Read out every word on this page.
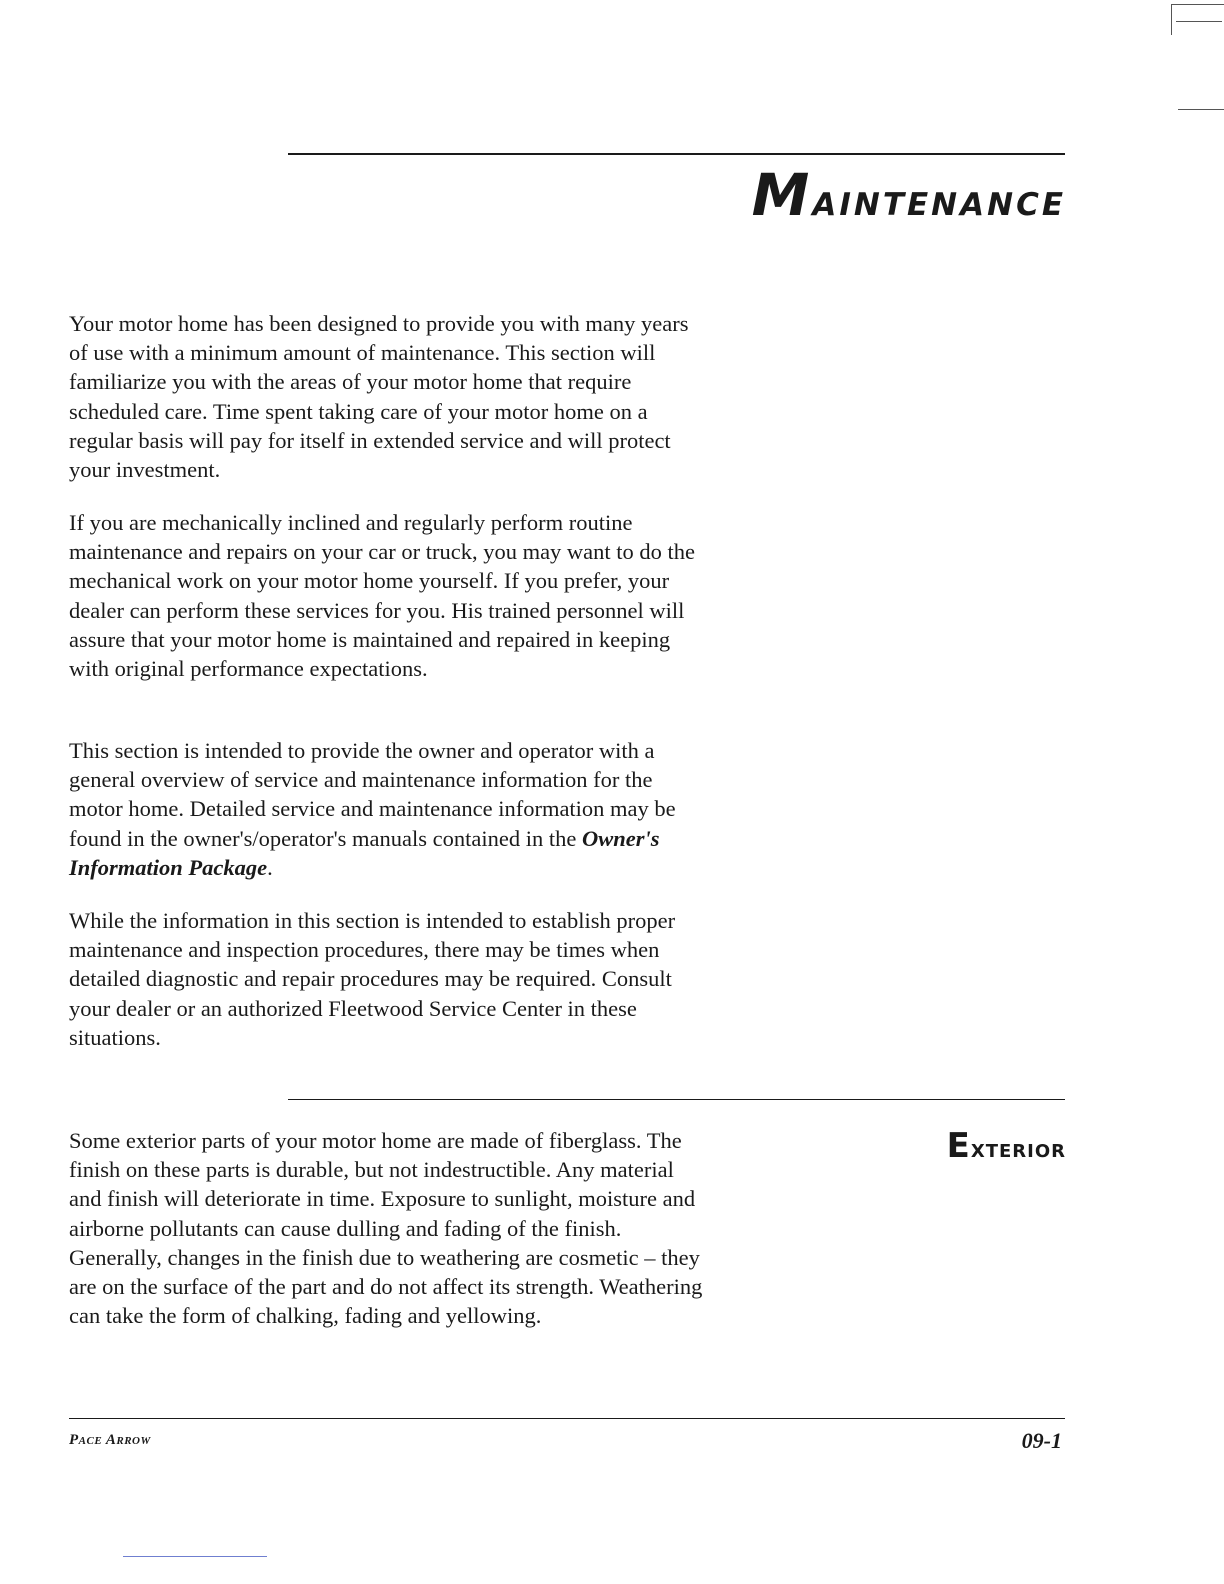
Maintenance

Your motor home has been designed to provide you with many years of use with a minimum amount of maintenance. This section will familiarize you with the areas of your motor home that require scheduled care. Time spent taking care of your motor home on a regular basis will pay for itself in extended service and will protect your investment.

If you are mechanically inclined and regularly perform routine maintenance and repairs on your car or truck, you may want to do the mechanical work on your motor home yourself. If you prefer, your dealer can perform these services for you. His trained personnel will assure that your motor home is maintained and repaired in keeping with original performance expectations.

This section is intended to provide the owner and operator with a general overview of service and maintenance information for the motor home. Detailed service and maintenance information may be found in the owner's/operator's manuals contained in the Owner's Information Package.

While the information in this section is intended to establish proper maintenance and inspection procedures, there may be times when detailed diagnostic and repair procedures may be required. Consult your dealer or an authorized Fleetwood Service Center in these situations.

Exterior

Some exterior parts of your motor home are made of fiberglass. The finish on these parts is durable, but not indestructible. Any material and finish will deteriorate in time. Exposure to sunlight, moisture and airborne pollutants can cause dulling and fading of the finish. Generally, changes in the finish due to weathering are cosmetic – they are on the surface of the part and do not affect its strength. Weathering can take the form of chalking, fading and yellowing.

Pace Arrow	09-1
